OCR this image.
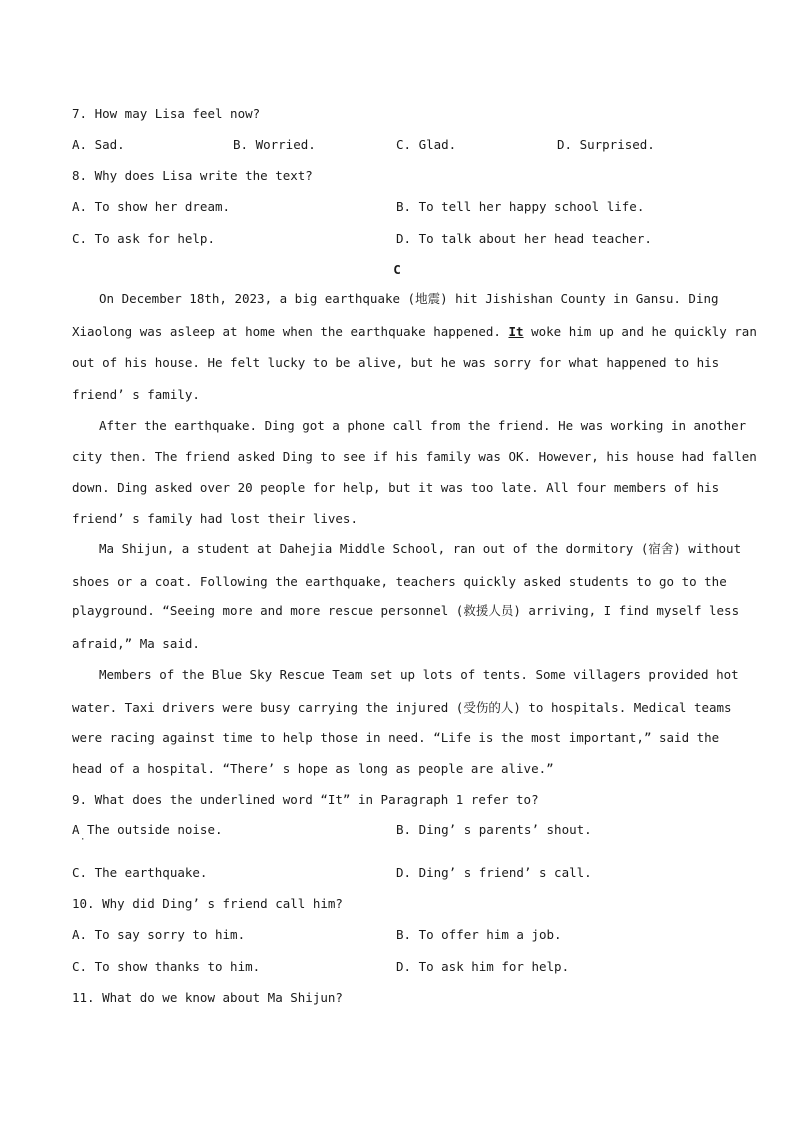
7. How may Lisa feel now?
A. Sad.	B. Worried.	C. Glad.	D. Surprised.
8. Why does Lisa write the text?
A. To show her dream.	B. To tell her happy school life.
C. To ask for help.	D. To talk about her head teacher.
C
On December 18th, 2023, a big earthquake (地震) hit Jishishan County in Gansu. Ding
Xiaolong was asleep at home when the earthquake happened. It woke him up and he quickly ran
out of his house. He felt lucky to be alive, but he was sorry for what happened to his
friend’ s family.
After the earthquake. Ding got a phone call from the friend. He was working in another
city then. The friend asked Ding to see if his family was OK. However, his house had fallen
down. Ding asked over 20 people for help, but it was too late. All four members of his
friend’ s family had lost their lives.
Ma Shijun, a student at Dahejia Middle School, ran out of the dormitory (宿舍) without
shoes or a coat. Following the earthquake, teachers quickly asked students to go to the
playground. “Seeing more and more rescue personnel (救援人员) arriving, I find myself less
afraid,” Ma said.
Members of the Blue Sky Rescue Team set up lots of tents. Some villagers provided hot
water. Taxi drivers were busy carrying the injured (受伤的人) to hospitals. Medical teams
were racing against time to help those in need. “Life is the most important,” said the
head of a hospital. “There’ s hope as long as people are alive.”
9. What does the underlined word “It” in Paragraph 1 refer to?
A The outside noise.
·
B. Ding’ s parents’ shout.
C. The earthquake.	D. Ding’ s friend’ s call.
10. Why did Ding’ s friend call him?
A. To say sorry to him.	B. To offer him a job.
C. To show thanks to him.	D. To ask him for help.
11. What do we know about Ma Shijun?
